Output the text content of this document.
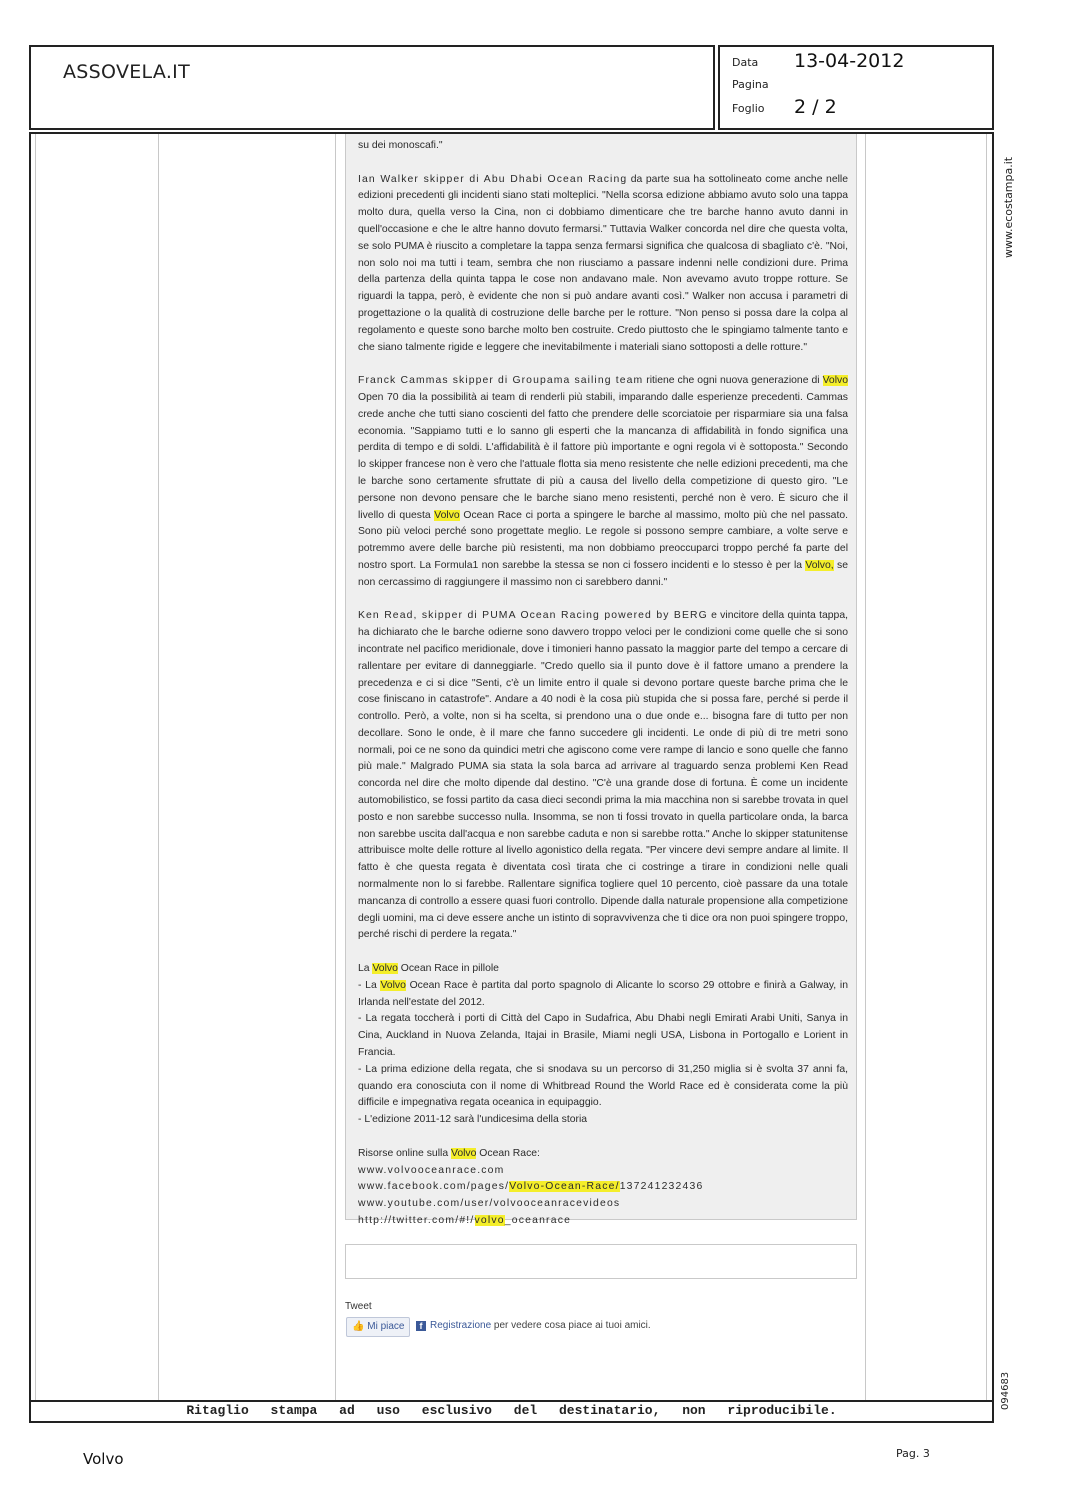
ASSOVELA.IT	Data 13-04-2012
Pagina
Foglio 2 / 2

su dei monoscafi."

Ian Walker skipper di Abu Dhabi Ocean Racing da parte sua ha sottolineato come anche nelle edizioni precedenti gli incidenti siano stati molteplici. "Nella scorsa edizione abbiamo avuto solo una tappa molto dura, quella verso la Cina, non ci dobbiamo dimenticare che tre barche hanno avuto danni in quell'occasione e che le altre hanno dovuto fermarsi." Tuttavia Walker concorda nel dire che questa volta, se solo PUMA è riuscito a completare la tappa senza fermarsi significa che qualcosa di sbagliato c'è. "Noi, non solo noi ma tutti i team, sembra che non riusciamo a passare indenni nelle condizioni dure. Prima della partenza della quinta tappa le cose non andavano male. Non avevamo avuto troppe rotture. Se riguardi la tappa, però, è evidente che non si può andare avanti così." Walker non accusa i parametri di progettazione o la qualità di costruzione delle barche per le rotture. "Non penso si possa dare la colpa al regolamento e queste sono barche molto ben costruite. Credo piuttosto che le spingiamo talmente tanto e che siano talmente rigide e leggere che inevitabilmente i materiali siano sottoposti a delle rotture."

Franck Cammas skipper di Groupama sailing team ritiene che ogni nuova generazione di Volvo Open 70 dia la possibilità ai team di renderli più stabili, imparando dalle esperienze precedenti. Cammas crede anche che tutti siano coscienti del fatto che prendere delle scorciatoie per risparmiare sia una falsa economia. "Sappiamo tutti e lo sanno gli esperti che la mancanza di affidabilità in fondo significa una perdita di tempo e di soldi. L'affidabilità è il fattore più importante e ogni regola vi è sottoposta." Secondo lo skipper francese non è vero che l'attuale flotta sia meno resistente che nelle edizioni precedenti, ma che le barche sono certamente sfruttate di più a causa del livello della competizione di questo giro. "Le persone non devono pensare che le barche siano meno resistenti, perché non è vero. È sicuro che il livello di questa Volvo Ocean Race ci porta a spingere le barche al massimo, molto più che nel passato. Sono più veloci perché sono progettate meglio. Le regole si possono sempre cambiare, a volte serve e potremmo avere delle barche più resistenti, ma non dobbiamo preoccuparci troppo perché fa parte del nostro sport. La Formula1 non sarebbe la stessa se non ci fossero incidenti e lo stesso è per la Volvo, se non cercassimo di raggiungere il massimo non ci sarebbero danni."

Ken Read, skipper di PUMA Ocean Racing powered by BERG e vincitore della quinta tappa, ha dichiarato che le barche odierne sono davvero troppo veloci per le condizioni come quelle che si sono incontrate nel pacifico meridionale, dove i timonieri hanno passato la maggior parte del tempo a cercare di rallentare per evitare di danneggiarle. "Credo quello sia il punto dove è il fattore umano a prendere la precedenza e ci si dice "Senti, c'è un limite entro il quale si devono portare queste barche prima che le cose finiscano in catastrofe". Andare a 40 nodi è la cosa più stupida che si possa fare, perché si perde il controllo. Però, a volte, non si ha scelta, si prendono una o due onde e... bisogna fare di tutto per non decollare. Sono le onde, è il mare che fanno succedere gli incidenti. Le onde di più di tre metri sono normali, poi ce ne sono da quindici metri che agiscono come vere rampe di lancio e sono quelle che fanno più male." Malgrado PUMA sia stata la sola barca ad arrivare al traguardo senza problemi Ken Read concorda nel dire che molto dipende dal destino. "C'è una grande dose di fortuna. È come un incidente automobilistico, se fossi partito da casa dieci secondi prima la mia macchina non si sarebbe trovata in quel posto e non sarebbe successo nulla. Insomma, se non ti fossi trovato in quella particolare onda, la barca non sarebbe uscita dall'acqua e non sarebbe caduta e non si sarebbe rotta." Anche lo skipper statunitense attribuisce molte delle rotture al livello agonistico della regata. "Per vincere devi sempre andare al limite. Il fatto è che questa regata è diventata così tirata che ci costringe a tirare in condizioni nelle quali normalmente non lo si farebbe. Rallentare significa togliere quel 10 percento, cioè passare da una totale mancanza di controllo a essere quasi fuori controllo. Dipende dalla naturale propensione alla competizione degli uomini, ma ci deve essere anche un istinto di sopravvivenza che ti dice ora non puoi spingere troppo, perché rischi di perdere la regata."

La Volvo Ocean Race in pillole
- La Volvo Ocean Race è partita dal porto spagnolo di Alicante lo scorso 29 ottobre e finirà a Galway, in Irlanda nell'estate del 2012.
- La regata toccherà i porti di Città del Capo in Sudafrica, Abu Dhabi negli Emirati Arabi Uniti, Sanya in Cina, Auckland in Nuova Zelanda, Itajai in Brasile, Miami negli USA, Lisbona in Portogallo e Lorient in Francia.
- La prima edizione della regata, che si snodava su un percorso di 31,250 miglia si è svolta 37 anni fa, quando era conosciuta con il nome di Whitbread Round the World Race ed è considerata come la più difficile e impegnativa regata oceanica in equipaggio.
- L'edizione 2011-12 sarà l'undicesima della storia

Risorse online sulla Volvo Ocean Race:
www.volvooceanrace.com
www.facebook.com/pages/Volvo-Ocean-Race/137241232436
www.youtube.com/user/volvooceanracevideos
http://twitter.com/#!/volvo_oceanrace

Tweet
👍 Mi piace	f Registrazione per vedere cosa piace ai tuoi amici.
Ritaglio stampa ad uso esclusivo del destinatario, non riproducibile.
www.ecostampa.it
094683
Volvo	Pag. 3
